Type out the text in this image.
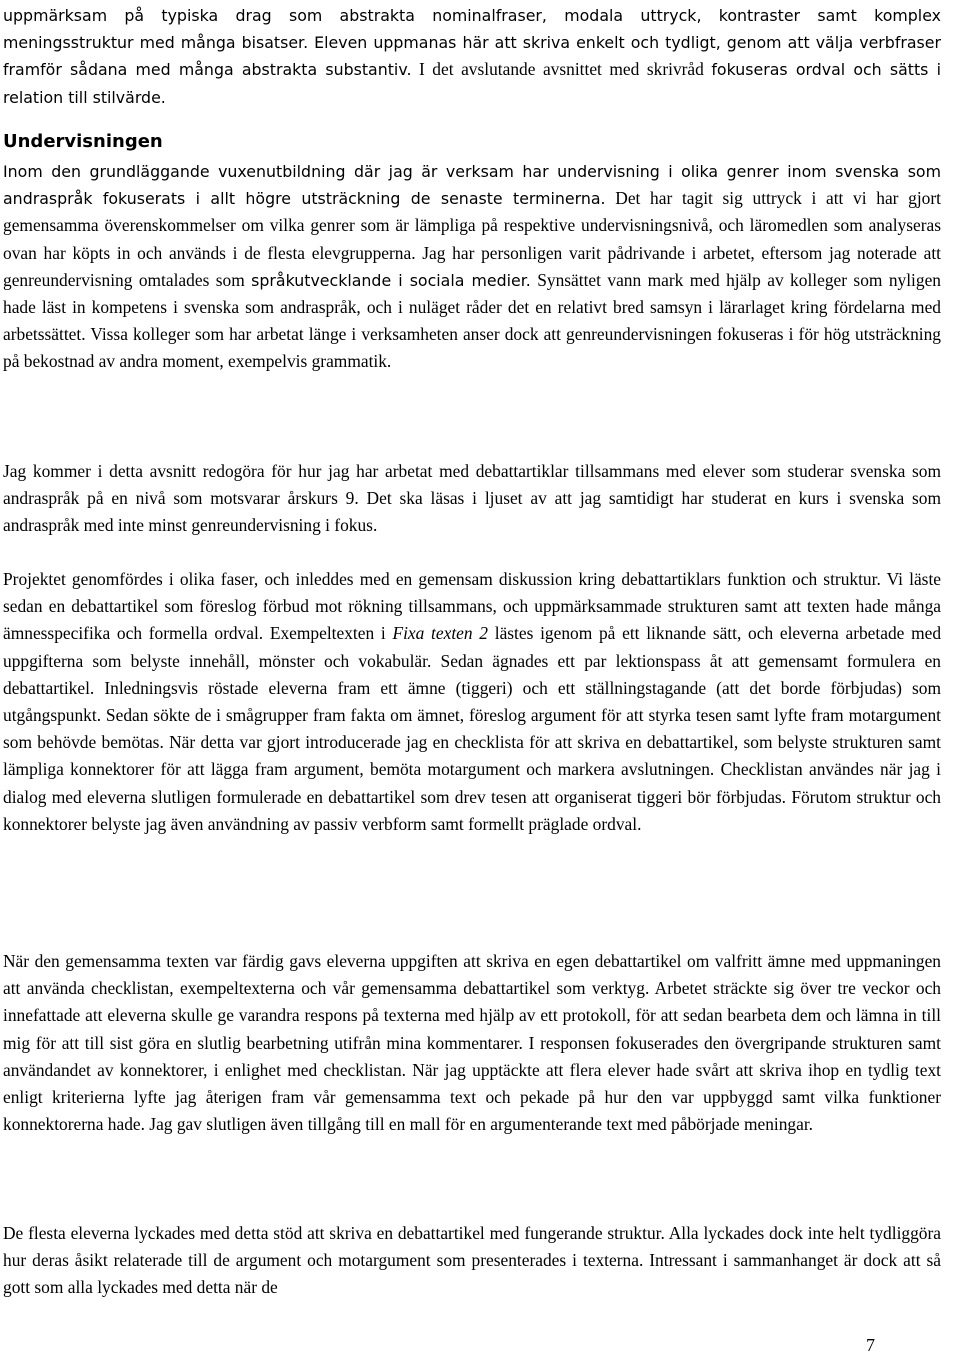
uppmärksam på typiska drag som abstrakta nominalfraser, modala uttryck, kontraster samt komplex meningsstruktur med många bisatser. Eleven uppmanas här att skriva enkelt och tydligt, genom att välja verbfraser framför sådana med många abstrakta substantiv. I det avslutande avsnittet med skrivråd fokuseras ordval och sätts i relation till stilvärde.

Undervisningen

Inom den grundläggande vuxenutbildning där jag är verksam har undervisning i olika genrer inom svenska som andraspråk fokuserats i allt högre utsträckning de senaste terminerna. Det har tagit sig uttryck i att vi har gjort gemensamma överenskommelser om vilka genrer som är lämpliga på respektive undervisningsnivå, och läromedlen som analyseras ovan har köpts in och används i de flesta elevgrupperna. Jag har personligen varit pådrivande i arbetet, eftersom jag noterade att genreundervisning omtalades som språkutvecklande i sociala medier. Synsättet vann mark med hjälp av kolleger som nyligen hade läst in kompetens i svenska som andraspråk, och i nuläget råder det en relativt bred samsyn i lärarlaget kring fördelarna med arbetssättet. Vissa kolleger som har arbetat länge i verksamheten anser dock att genreundervisningen fokuseras i för hög utsträckning på bekostnad av andra moment, exempelvis grammatik.

Jag kommer i detta avsnitt redogöra för hur jag har arbetat med debattartiklar tillsammans med elever som studerar svenska som andraspråk på en nivå som motsvarar årskurs 9. Det ska läsas i ljuset av att jag samtidigt har studerat en kurs i svenska som andraspråk med inte minst genreundervisning i fokus.

Projektet genomfördes i olika faser, och inleddes med en gemensam diskussion kring debattartiklars funktion och struktur. Vi läste sedan en debattartikel som föreslog förbud mot rökning tillsammans, och uppmärksammade strukturen samt att texten hade många ämnesspecifika och formella ordval. Exempeltexten i Fixa texten 2 lästes igenom på ett liknande sätt, och eleverna arbetade med uppgifterna som belyste innehåll, mönster och vokabulär. Sedan ägnades ett par lektionspass åt att gemensamt formulera en debattartikel. Inledningsvis röstade eleverna fram ett ämne (tiggeri) och ett ställningstagande (att det borde förbjudas) som utgångspunkt. Sedan sökte de i smågrupper fram fakta om ämnet, föreslog argument för att styrka tesen samt lyfte fram motargument som behövde bemötas. När detta var gjort introducerade jag en checklista för att skriva en debattartikel, som belyste strukturen samt lämpliga konnektorer för att lägga fram argument, bemöta motargument och markera avslutningen. Checklistan användes när jag i dialog med eleverna slutligen formulerade en debattartikel som drev tesen att organiserat tiggeri bör förbjudas. Förutom struktur och konnektorer belyste jag även användning av passiv verbform samt formellt präglade ordval.

När den gemensamma texten var färdig gavs eleverna uppgiften att skriva en egen debattartikel om valfritt ämne med uppmaningen att använda checklistan, exempeltexterna och vår gemensamma debattartikel som verktyg. Arbetet sträckte sig över tre veckor och innefattade att eleverna skulle ge varandra respons på texterna med hjälp av ett protokoll, för att sedan bearbeta dem och lämna in till mig för att till sist göra en slutlig bearbetning utifrån mina kommentarer. I responsen fokuserades den övergripande strukturen samt användandet av konnektorer, i enlighet med checklistan. När jag upptäckte att flera elever hade svårt att skriva ihop en tydlig text enligt kriterierna lyfte jag återigen fram vår gemensamma text och pekade på hur den var uppbyggd samt vilka funktioner konnektorerna hade. Jag gav slutligen även tillgång till en mall för en argumenterande text med påbörjade meningar.

De flesta eleverna lyckades med detta stöd att skriva en debattartikel med fungerande struktur. Alla lyckades dock inte helt tydliggöra hur deras åsikt relaterade till de argument och motargument som presenterades i texterna. Intressant i sammanhanget är dock att så gott som alla lyckades med detta när de

7
